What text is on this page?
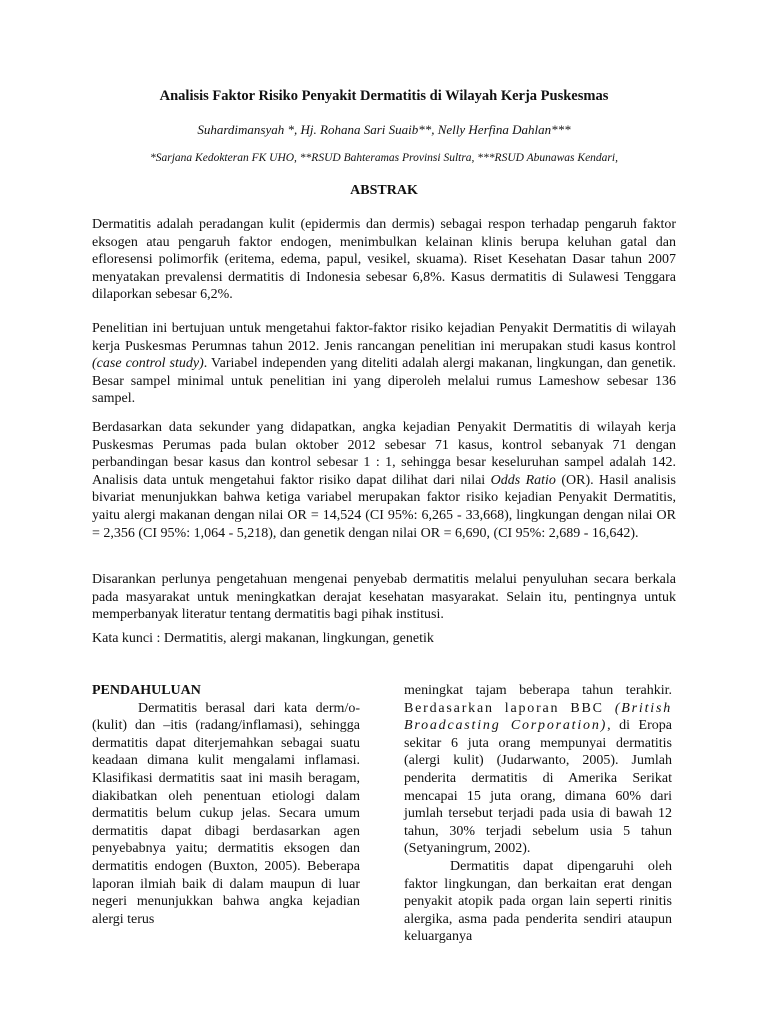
Analisis Faktor Risiko Penyakit Dermatitis di Wilayah Kerja Puskesmas
Suhardimansyah *, Hj. Rohana Sari Suaib**, Nelly Herfina Dahlan***
*Sarjana Kedokteran FK UHO, **RSUD Bahteramas Provinsi Sultra, ***RSUD Abunawas Kendari,
ABSTRAK

Dermatitis adalah peradangan kulit (epidermis dan dermis) sebagai respon terhadap pengaruh faktor eksogen atau pengaruh faktor endogen, menimbulkan kelainan klinis berupa keluhan gatal dan efloresensi polimorfik (eritema, edema, papul, vesikel, skuama). Riset Kesehatan Dasar tahun 2007 menyatakan prevalensi dermatitis di Indonesia sebesar 6,8%. Kasus dermatitis di Sulawesi Tenggara dilaporkan sebesar 6,2%.

Penelitian ini bertujuan untuk mengetahui faktor-faktor risiko kejadian Penyakit Dermatitis di wilayah kerja Puskesmas Perumnas tahun 2012. Jenis rancangan penelitian ini merupakan studi kasus kontrol (case control study). Variabel independen yang diteliti adalah alergi makanan, lingkungan, dan genetik. Besar sampel minimal untuk penelitian ini yang diperoleh melalui rumus Lameshow sebesar 136 sampel.

Berdasarkan data sekunder yang didapatkan, angka kejadian Penyakit Dermatitis di wilayah kerja Puskesmas Perumas pada bulan oktober 2012 sebesar 71 kasus, kontrol sebanyak 71 dengan perbandingan besar kasus dan kontrol sebesar 1 : 1, sehingga besar keseluruhan sampel adalah 142. Analisis data untuk mengetahui faktor risiko dapat dilihat dari nilai Odds Ratio (OR). Hasil analisis bivariat menunjukkan bahwa ketiga variabel merupakan faktor risiko kejadian Penyakit Dermatitis, yaitu alergi makanan dengan nilai OR = 14,524 (CI 95%: 6,265 - 33,668), lingkungan dengan nilai OR = 2,356 (CI 95%: 1,064 - 5,218), dan genetik dengan nilai OR = 6,690, (CI 95%: 2,689 - 16,642).

Disarankan perlunya pengetahuan mengenai penyebab dermatitis melalui penyuluhan secara berkala pada masyarakat untuk meningkatkan derajat kesehatan masyarakat. Selain itu, pentingnya untuk memperbanyak literatur tentang dermatitis bagi pihak institusi.

Kata kunci : Dermatitis, alergi makanan, lingkungan, genetik

PENDAHULUAN

Dermatitis berasal dari kata derm/o- (kulit) dan –itis (radang/inflamasi), sehingga dermatitis dapat diterjemahkan sebagai suatu keadaan dimana kulit mengalami inflamasi. Klasifikasi dermatitis saat ini masih beragam, diakibatkan oleh penentuan etiologi dalam dermatitis belum cukup jelas. Secara umum dermatitis dapat dibagi berdasarkan agen penyebabnya yaitu; dermatitis eksogen dan dermatitis endogen (Buxton, 2005). Beberapa laporan ilmiah baik di dalam maupun di luar negeri menunjukkan bahwa angka kejadian alergi terus

meningkat tajam beberapa tahun terahkir. Berdasarkan laporan BBC (British Broadcasting Corporation), di Eropa sekitar 6 juta orang mempunyai dermatitis (alergi kulit) (Judarwanto, 2005). Jumlah penderita dermatitis di Amerika Serikat mencapai 15 juta orang, dimana 60% dari jumlah tersebut terjadi pada usia di bawah 12 tahun, 30% terjadi sebelum usia 5 tahun (Setyaningrum, 2002).

Dermatitis dapat dipengaruhi oleh faktor lingkungan, dan berkaitan erat dengan penyakit atopik pada organ lain seperti rinitis alergika, asma pada penderita sendiri ataupun keluarganya
